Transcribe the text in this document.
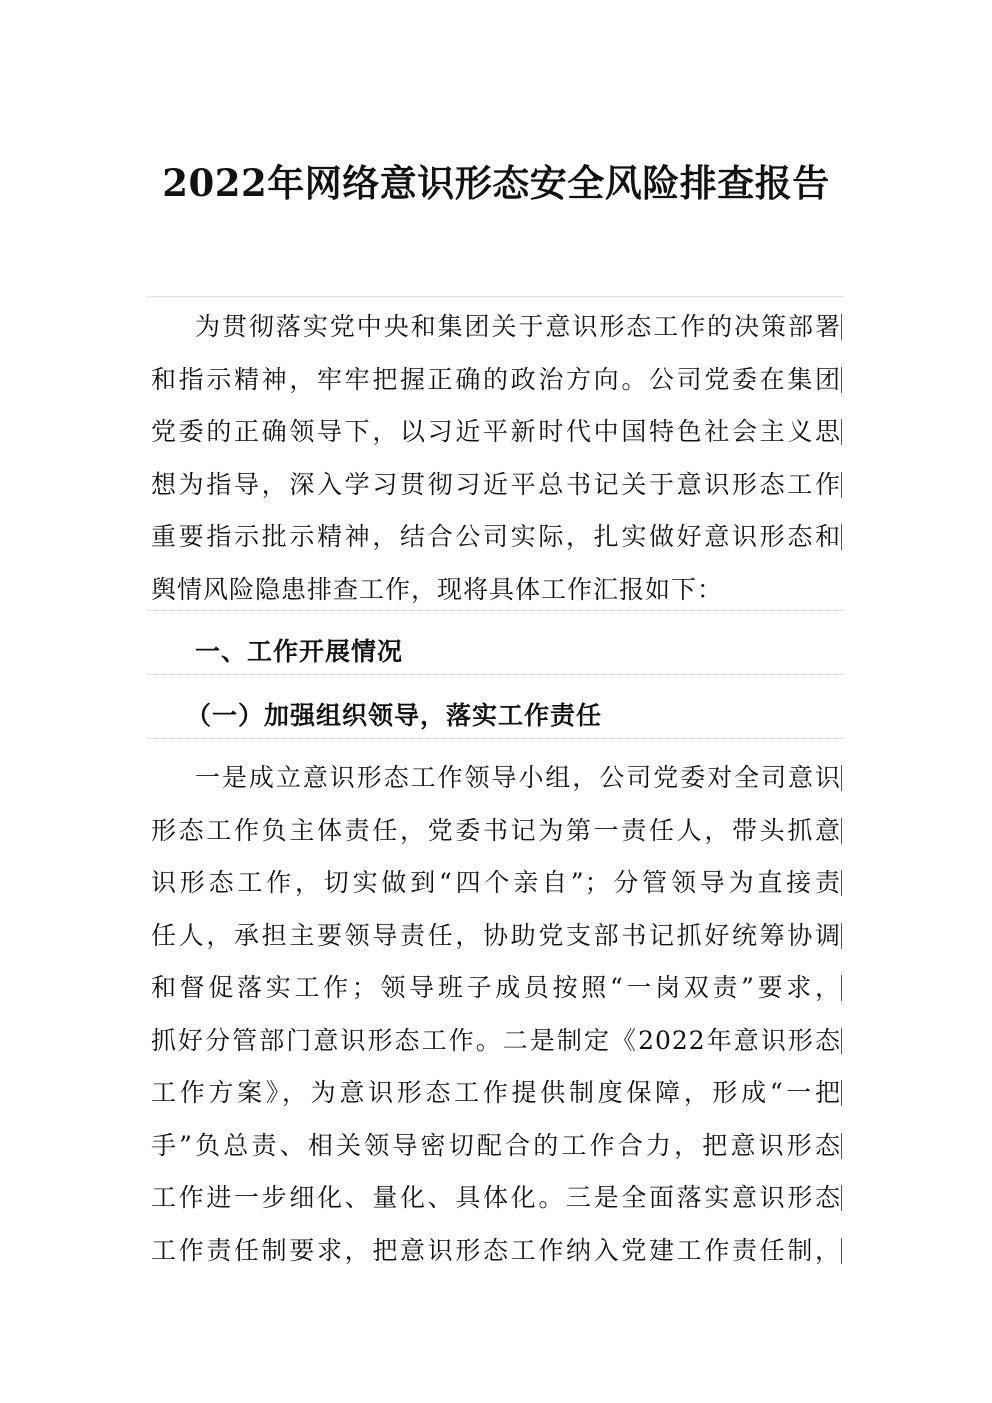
2022年网络意识形态安全风险排查报告
为贯彻落实党中央和集团关于意识形态工作的决策部署
和指示精神，牢牢把握正确的政治方向。公司党委在集团
党委的正确领导下，以习近平新时代中国特色社会主义思
想为指导，深入学习贯彻习近平总书记关于意识形态工作
重要指示批示精神，结合公司实际，扎实做好意识形态和
舆情风险隐患排查工作，现将具体工作汇报如下：
一、工作开展情况
（一）加强组织领导，落实工作责任
一是成立意识形态工作领导小组，公司党委对全司意识
形态工作负主体责任，党委书记为第一责任人，带头抓意
识形态工作，切实做到“四个亲自”；分管领导为直接责
任人，承担主要领导责任，协助党支部书记抓好统筹协调
和督促落实工作；领导班子成员按照“一岗双责”要求，
抓好分管部门意识形态工作。二是制定《2022年意识形态
工作方案》，为意识形态工作提供制度保障，形成“一把
手”负总责、相关领导密切配合的工作合力，把意识形态
工作进一步细化、量化、具体化。三是全面落实意识形态
工作责任制要求，把意识形态工作纳入党建工作责任制，
